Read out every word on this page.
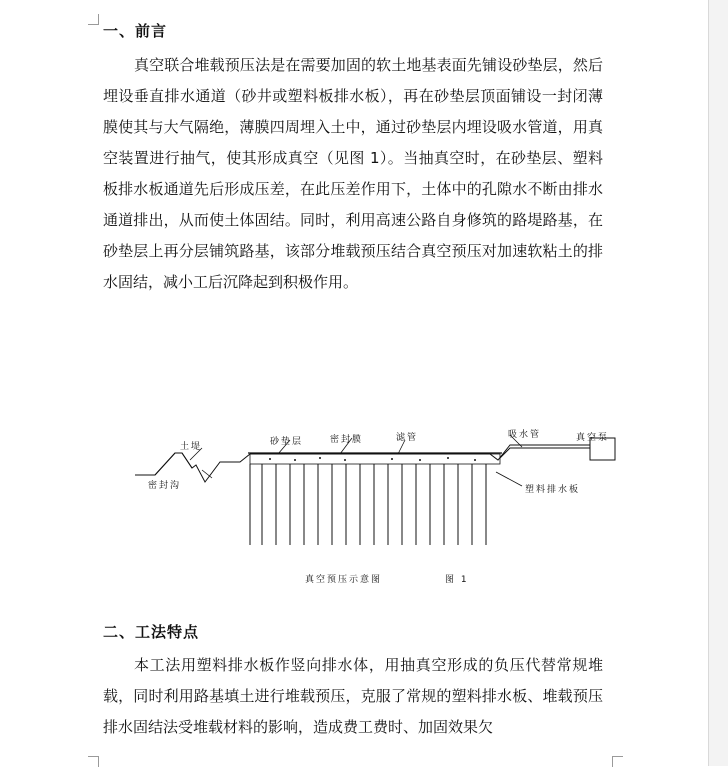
一、前言
真空联合堆载预压法是在需要加固的软土地基表面先铺设砂垫层，然后埋设垂直排水通道（砂井或塑料板排水板），再在砂垫层顶面铺设一封闭薄膜使其与大气隔绝，薄膜四周埋入土中，通过砂垫层内埋设吸水管道，用真空装置进行抽气，使其形成真空（见图 1）。当抽真空时，在砂垫层、塑料板排水板通道先后形成压差，在此压差作用下，土体中的孔隙水不断由排水通道排出，从而使土体固结。同时，利用高速公路自身修筑的路堤路基，在砂垫层上再分层铺筑路基，该部分堆载预压结合真空预压对加速软粘土的排水固结，减小工后沉降起到积极作用。
土堤	砂垫层	密封膜	滤管	吸水管	真空泵
密封沟	塑料排水板
真空预压示意图	图 1
二、工法特点
本工法用塑料排水板作竖向排水体，用抽真空形成的负压代替常规堆载，同时利用路基填土进行堆载预压，克服了常规的塑料排水板、堆载预压排水固结法受堆载材料的影响，造成费工费时、加固效果欠
